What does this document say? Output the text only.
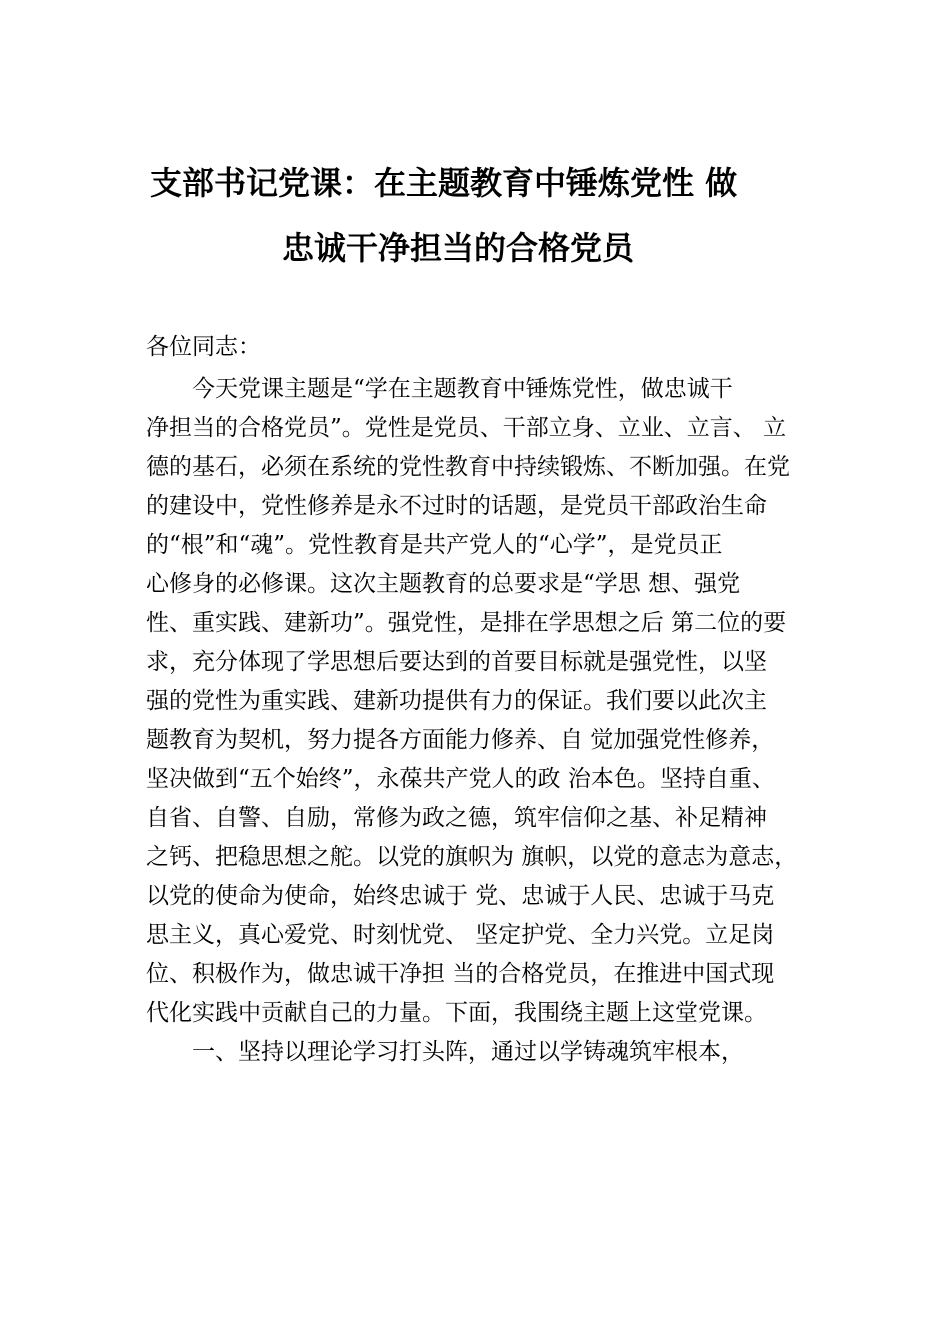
支部书记党课：在主题教育中锤炼党性 做
忠诚干净担当的合格党员
各位同志：
　　今天党课主题是“学在主题教育中锤炼党性，做忠诚干
净担当的合格党员”。党性是党员、干部立身、立业、立言、 立
德的基石，必须在系统的党性教育中持续锻炼、不断加强。在党
的建设中，党性修养是永不过时的话题，是党员干部政治生命
的“根”和“魂”。党性教育是共产党人的“心学”，是党员正
心修身的必修课。这次主题教育的总要求是“学思 想、强党
性、重实践、建新功”。强党性，是排在学思想之后 第二位的要
求，充分体现了学思想后要达到的首要目标就是强党性，以坚
强的党性为重实践、建新功提供有力的保证。我们要以此次主
题教育为契机，努力提各方面能力修养、自 觉加强党性修养，
坚决做到“五个始终”，永葆共产党人的政 治本色。坚持自重、
自省、自警、自励，常修为政之德，筑牢信仰之基、补足精神
之钙、把稳思想之舵。以党的旗帜为 旗帜，以党的意志为意志，
以党的使命为使命，始终忠诚于 党、忠诚于人民、忠诚于马克
思主义，真心爱党、时刻忧党、 坚定护党、全力兴党。立足岗
位、积极作为，做忠诚干净担 当的合格党员，在推进中国式现
代化实践中贡献自己的力量。下面，我围绕主题上这堂党课。
　　一、坚持以理论学习打头阵，通过以学铸魂筑牢根本，
